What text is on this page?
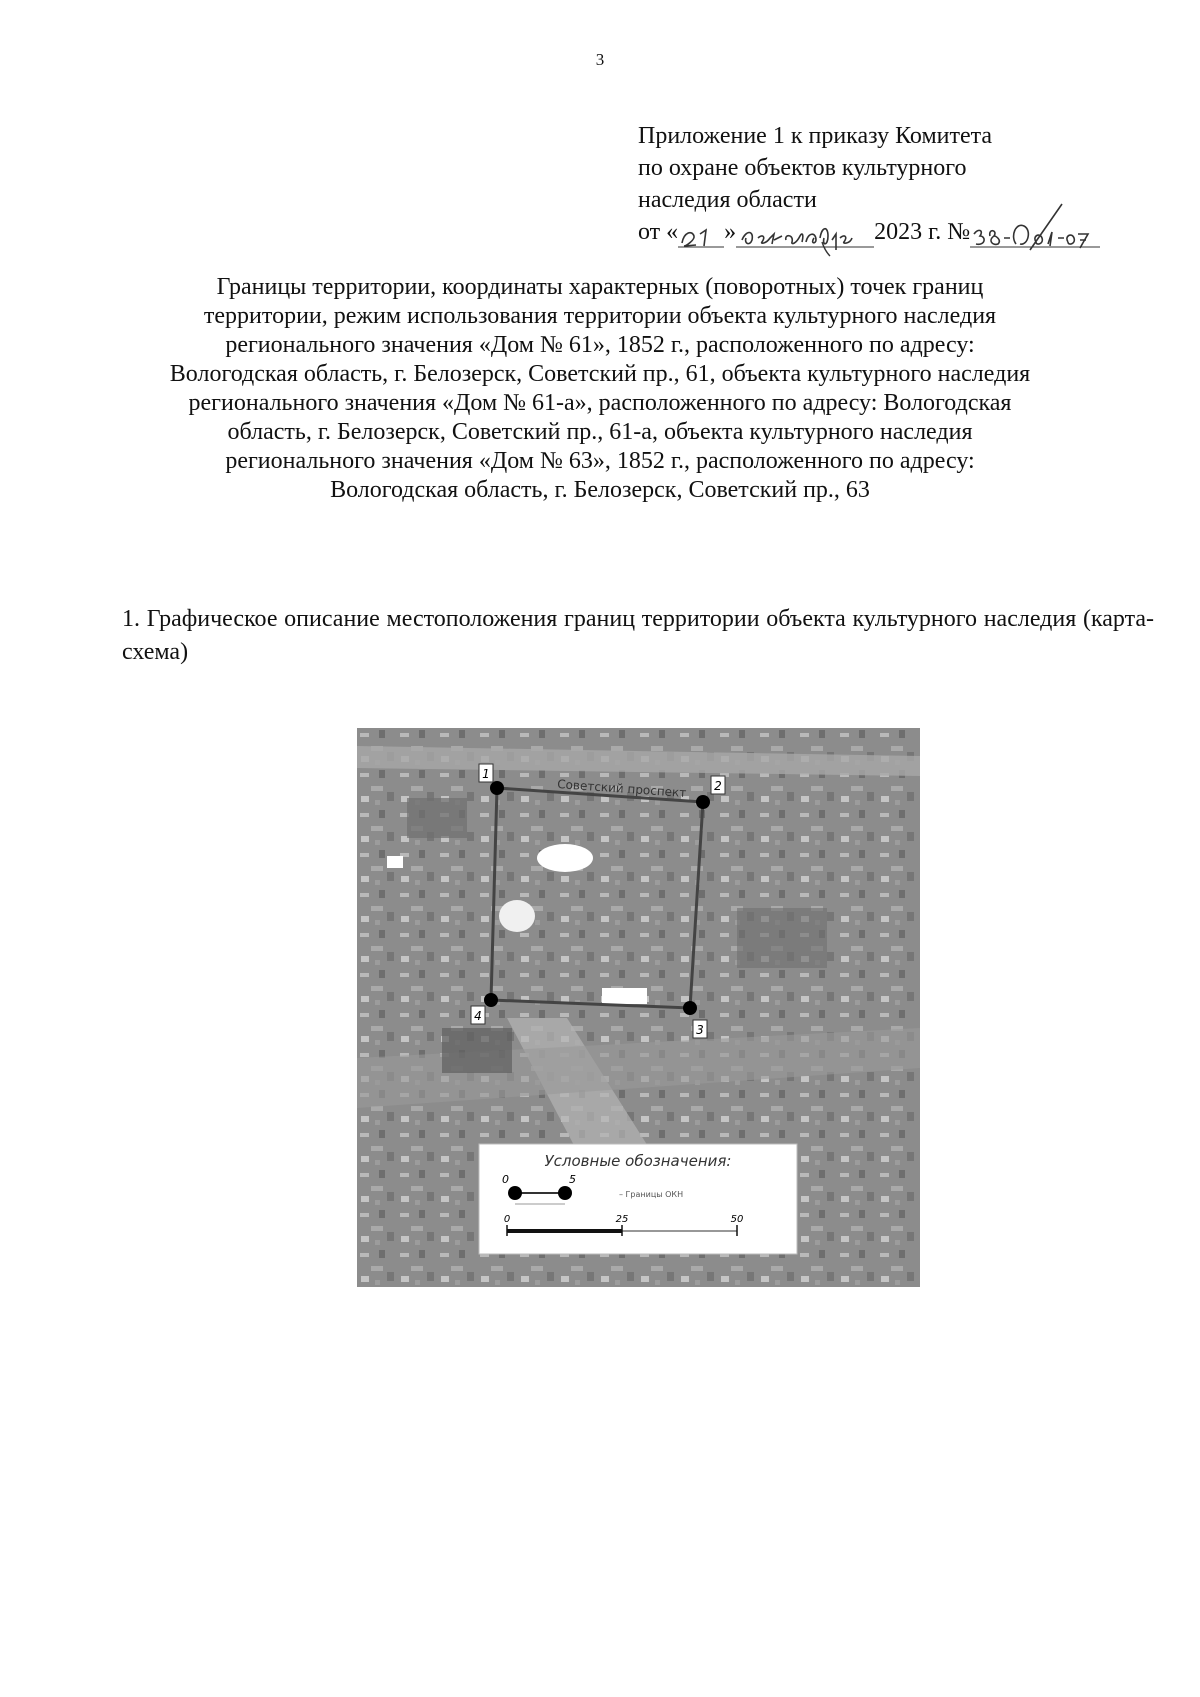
3
Приложение 1 к приказу Комитета
по охране объектов культурного
наследия области
от « »	2023 г. №
Границы территории, координаты характерных (поворотных) точек границ
территории, режим использования территории объекта культурного наследия
регионального значения «Дом № 61», 1852 г., расположенного по адресу:
Вологодская область, г. Белозерск, Советский пр., 61, объекта культурного наследия
регионального значения «Дом № 61-а», расположенного по адресу: Вологодская
область, г. Белозерск, Советский пр., 61-а, объекта культурного наследия
регионального значения «Дом № 63», 1852 г., расположенного по адресу:
Вологодская область, г. Белозерск, Советский пр., 63
1. Графическое описание местоположения границ территории объекта культурного наследия (карта-схема)
Советский проспект
1
2
3
4
Условные обозначения:
0	5
– Границы ОКН
0	25	50
